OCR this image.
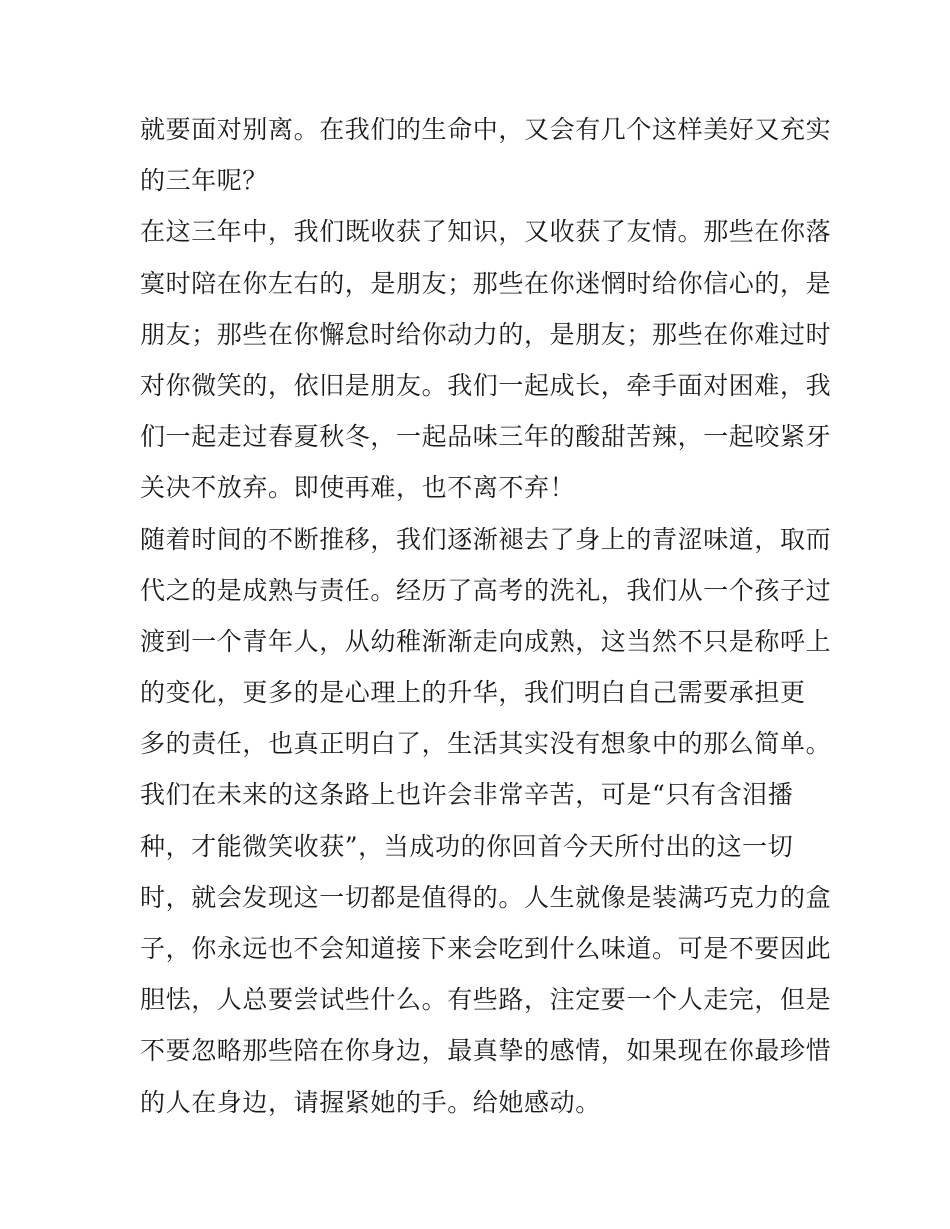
就要面对别离。在我们的生命中，又会有几个这样美好又充实
的三年呢？
在这三年中，我们既收获了知识，又收获了友情。那些在你落
寞时陪在你左右的，是朋友；那些在你迷惘时给你信心的，是
朋友；那些在你懈怠时给你动力的，是朋友；那些在你难过时
对你微笑的，依旧是朋友。我们一起成长，牵手面对困难，我
们一起走过春夏秋冬，一起品味三年的酸甜苦辣，一起咬紧牙
关决不放弃。即使再难，也不离不弃！
随着时间的不断推移，我们逐渐褪去了身上的青涩味道，取而
代之的是成熟与责任。经历了高考的洗礼，我们从一个孩子过
渡到一个青年人，从幼稚渐渐走向成熟，这当然不只是称呼上
的变化，更多的是心理上的升华，我们明白自己需要承担更
多的责任，也真正明白了，生活其实没有想象中的那么简单。
我们在未来的这条路上也许会非常辛苦，可是“只有含泪播
种，才能微笑收获”，当成功的你回首今天所付出的这一切
时，就会发现这一切都是值得的。人生就像是装满巧克力的盒
子，你永远也不会知道接下来会吃到什么味道。可是不要因此
胆怯，人总要尝试些什么。有些路，注定要一个人走完，但是
不要忽略那些陪在你身边，最真挚的感情，如果现在你最珍惜
的人在身边，请握紧她的手。给她感动。
